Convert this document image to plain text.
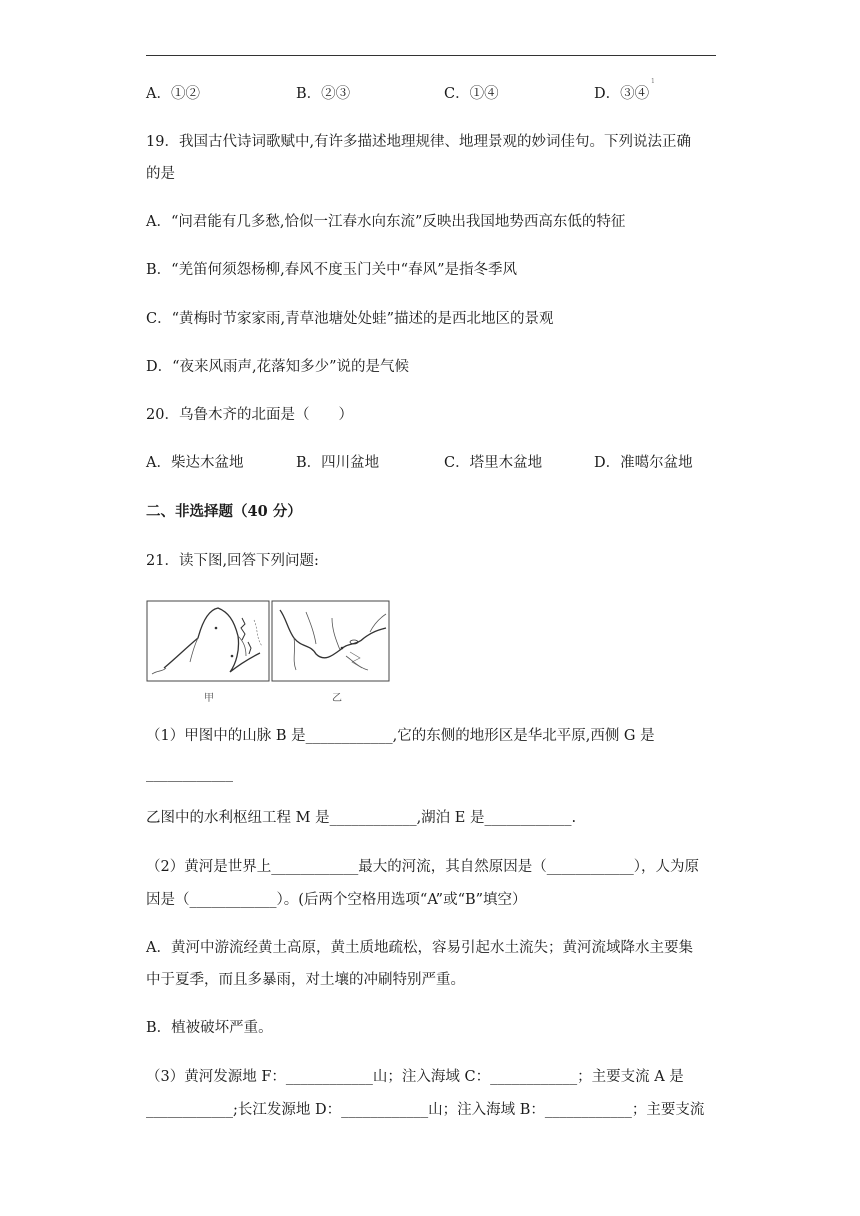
A．①②	B．②③	C．①④	D．③④
1
19．我国古代诗词歌赋中,有许多描述地理规律、地理景观的妙词佳句。下列说法正确
的是
A．“问君能有几多愁,恰似一江春水向东流”反映出我国地势西高东低的特征
B．“羌笛何须怨杨柳,春风不度玉门关中“春风”是指冬季风
C．“黄梅时节家家雨,青草池塘处处蛙”描述的是西北地区的景观
D．“夜来风雨声,花落知多少”说的是气候
20．乌鲁木齐的北面是（　　）
A．柴达木盆地	B．四川盆地	C．塔里木盆地	D．准噶尔盆地
二、非选择题（40 分）
21．读下图,回答下列问题:
甲	乙
（1）甲图中的山脉 B 是____________,它的东侧的地形区是华北平原,西侧 G 是
____________
乙图中的水利枢纽工程 M 是____________,湖泊 E 是____________.
（2）黄河是世界上____________最大的河流，其自然原因是（____________），人为原
因是（____________）。(后两个空格用选项“A”或“B”填空）
A．黄河中游流经黄土高原，黄土质地疏松，容易引起水土流失；黄河流域降水主要集
中于夏季，而且多暴雨，对土壤的冲刷特别严重。
B．植被破坏严重。
（3）黄河发源地 F：____________山；注入海域 C：____________；主要支流 A 是
____________;长江发源地 D：____________山；注入海域 B：____________；主要支流
